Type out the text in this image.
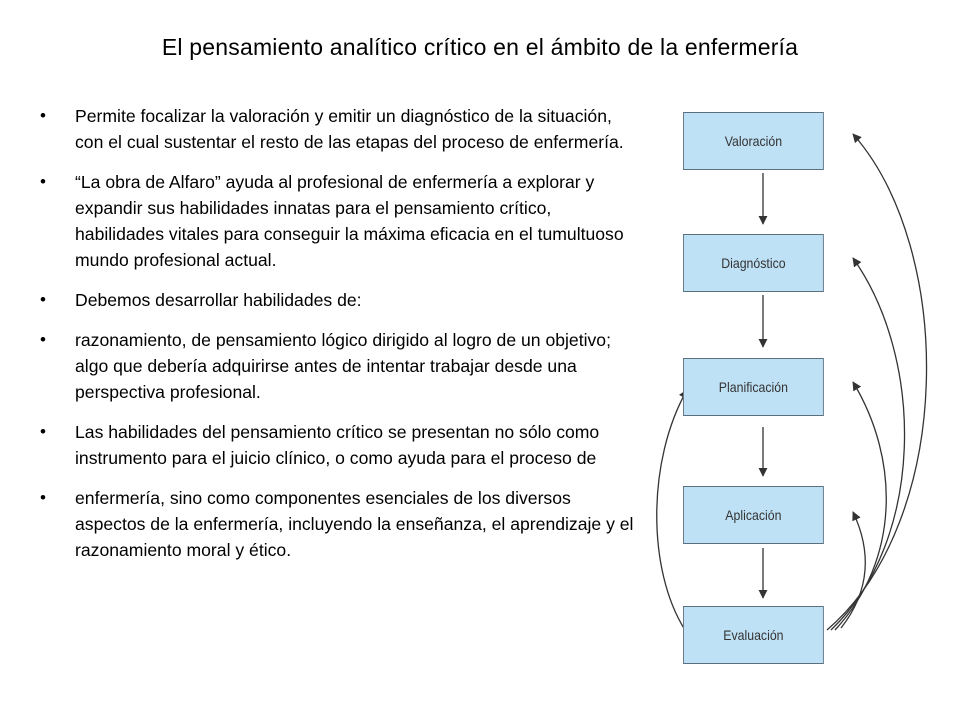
El pensamiento analítico crítico en el ámbito de la enfermería
• Permite focalizar la valoración y emitir un diagnóstico de la situación, con el cual sustentar el resto de las etapas del proceso de enfermería.
• “La obra de Alfaro” ayuda al profesional de enfermería a explorar y expandir sus habilidades innatas para el pensamiento crítico, habilidades vitales para conseguir la máxima eficacia en el tumultuoso mundo profesional actual.
• Debemos desarrollar habilidades de:
• razonamiento, de pensamiento lógico dirigido al logro de un objetivo; algo que debería adquirirse antes de intentar trabajar desde una perspectiva profesional.
• Las habilidades del pensamiento crítico se presentan no sólo como instrumento para el juicio clínico, o como ayuda para el proceso de
• enfermería, sino como componentes esenciales de los diversos aspectos de la enfermería, incluyendo la enseñanza, el aprendizaje y el razonamiento moral y ético.
Valoración
Diagnóstico
Planificación
Aplicación
Evaluación
